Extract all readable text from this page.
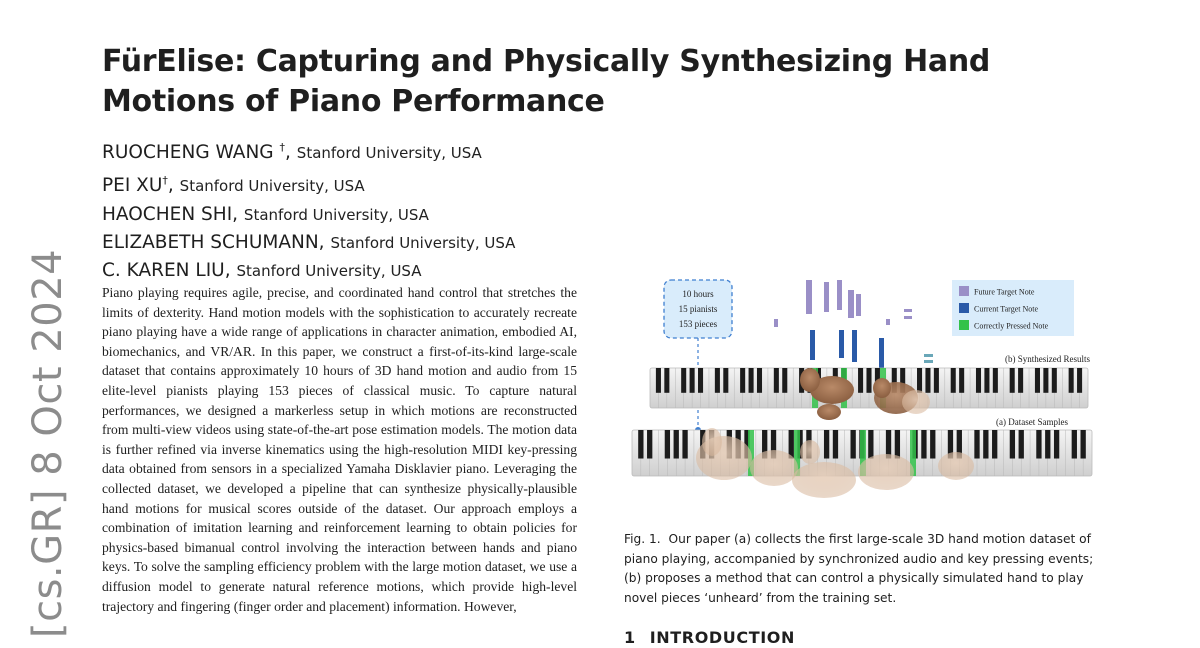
[cs.GR] 8 Oct 2024
FürElise: Capturing and Physically Synthesizing Hand Motions of Piano Performance
RUOCHENG WANG †, Stanford University, USA
PEI XU†, Stanford University, USA
HAOCHEN SHI, Stanford University, USA
ELIZABETH SCHUMANN, Stanford University, USA
C. KAREN LIU, Stanford University, USA

Piano playing requires agile, precise, and coordinated hand control that stretches the limits of dexterity. Hand motion models with the sophistication to accurately recreate piano playing have a wide range of applications in character animation, embodied AI, biomechanics, and VR/AR. In this paper, we construct a first-of-its-kind large-scale dataset that contains approximately 10 hours of 3D hand motion and audio from 15 elite-level pianists playing 153 pieces of classical music. To capture natural performances, we designed a markerless setup in which motions are reconstructed from multi-view videos using state-of-the-art pose estimation models. The motion data is further refined via inverse kinematics using the high-resolution MIDI key-pressing data obtained from sensors in a specialized Yamaha Disklavier piano. Leveraging the collected dataset, we developed a pipeline that can synthesize physically-plausible hand motions for musical scores outside of the dataset. Our approach employs a combination of imitation learning and reinforcement learning to obtain policies for physics-based bimanual control involving the interaction between hands and piano keys. To solve the sampling efficiency problem with the large motion dataset, we use a diffusion model to generate natural reference motions, which provide high-level trajectory and fingering (finger order and placement) information. However,

10 hours
15 pianists
153 pieces
Future Target Note
Current Target Note
Correctly Pressed Note
(b) Synthesized Results
(a) Dataset Samples

Fig. 1. Our paper (a) collects the first large-scale 3D hand motion dataset of piano playing, accompanied by synchronized audio and key pressing events; (b) proposes a method that can control a physically simulated hand to play novel pieces ‘unheard’ from the training set.

1 INTRODUCTION
